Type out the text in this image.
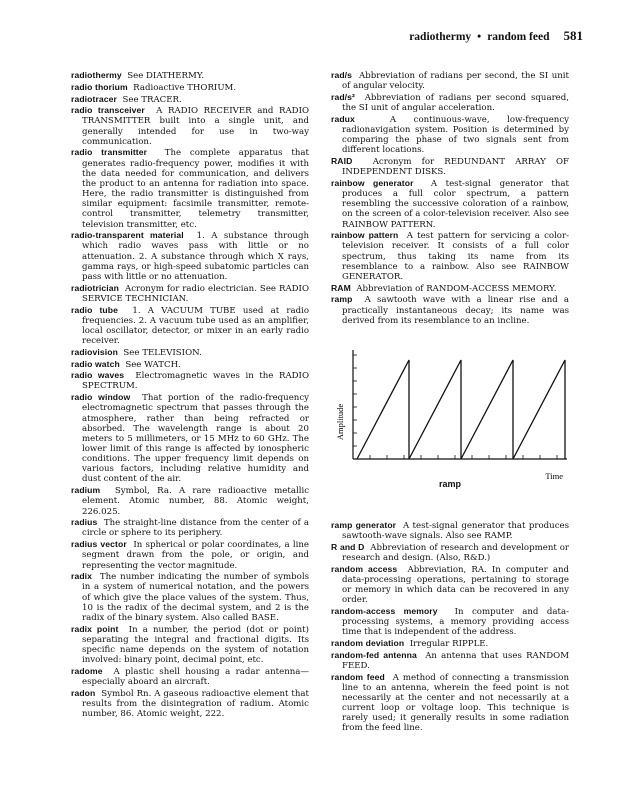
radiothermy • random feed 581

radiothermy See DIATHERMY.

radio thorium Radioactive THORIUM.

radiotracer See TRACER.

radio transceiver A RADIO RECEIVER and RADIO TRANSMITTER built into a single unit, and generally intended for use in two-way communication.

radio transmitter The complete apparatus that generates radio-frequency power, modifies it with the data needed for communication, and delivers the product to an antenna for radiation into space. Here, the radio transmitter is distinguished from similar equipment: facsimile transmitter, remote-control transmitter, telemetry transmitter, television transmitter, etc.

radio-transparent material 1. A substance through which radio waves pass with little or no attenuation. 2. A substance through which X rays, gamma rays, or high-speed subatomic particles can pass with little or no attenuation.

radiotrician Acronym for radio electrician. See RADIO SERVICE TECHNICIAN.

radio tube 1. A VACUUM TUBE used at radio frequencies. 2. A vacuum tube used as an amplifier, local oscillator, detector, or mixer in an early radio receiver.

radiovision See TELEVISION.

radio watch See WATCH.

radio waves Electromagnetic waves in the RADIO SPECTRUM.

radio window That portion of the radio-frequency electromagnetic spectrum that passes through the atmosphere, rather than being refracted or absorbed. The wavelength range is about 20 meters to 5 millimeters, or 15 MHz to 60 GHz. The lower limit of this range is affected by ionospheric conditions. The upper frequency limit depends on various factors, including relative humidity and dust content of the air.

radium Symbol, Ra. A rare radioactive metallic element. Atomic number, 88. Atomic weight, 226.025.

radius The straight-line distance from the center of a circle or sphere to its periphery.

radius vector In spherical or polar coordinates, a line segment drawn from the pole, or origin, and representing the vector magnitude.

radix The number indicating the number of symbols in a system of numerical notation, and the powers of which give the place values of the system. Thus, 10 is the radix of the decimal system, and 2 is the radix of the binary system. Also called BASE.

radix point In a number, the period (dot or point) separating the integral and fractional digits. Its specific name depends on the system of notation involved: binary point, decimal point, etc.

radome A plastic shell housing a radar antenna—especially aboard an aircraft.

radon Symbol Rn. A gaseous radioactive element that results from the disintegration of radium. Atomic number, 86. Atomic weight, 222.

rad/s Abbreviation of radians per second, the SI unit of angular velocity.

rad/s² Abbreviation of radians per second squared, the SI unit of angular acceleration.

radux	A continuous-wave, low-frequency radionavigation system. Position is determined by comparing the phase of two signals sent from different locations.

RAID Acronym for REDUNDANT ARRAY OF INDEPENDENT DISKS.

rainbow generator A test-signal generator that produces a full color spectrum, a pattern resembling the successive coloration of a rainbow, on the screen of a color-television receiver. Also see RAINBOW PATTERN.

rainbow pattern A test pattern for servicing a color-television receiver. It consists of a full color spectrum, thus taking its name from its resemblance to a rainbow. Also see RAINBOW GENERATOR.

RAM Abbreviation of RANDOM-ACCESS MEMORY.

ramp A sawtooth wave with a linear rise and a practically instantaneous decay; its name was derived from its resemblance to an incline.

Amplitude
Time
ramp

ramp generator A test-signal generator that produces sawtooth-wave signals. Also see RAMP.

R and D Abbreviation of research and development or research and design. (Also, R&D.)

random access Abbreviation, RA. In computer and data-processing operations, pertaining to storage or memory in which data can be recovered in any order.

random-access memory In computer and data-processing systems, a memory providing access time that is independent of the address.

random deviation Irregular RIPPLE.

random-fed antenna An antenna that uses RANDOM FEED.

random feed A method of connecting a transmission line to an antenna, wherein the feed point is not necessarily at the center and not necessarily at a current loop or voltage loop. This technique is rarely used; it generally results in some radiation from the feed line.
